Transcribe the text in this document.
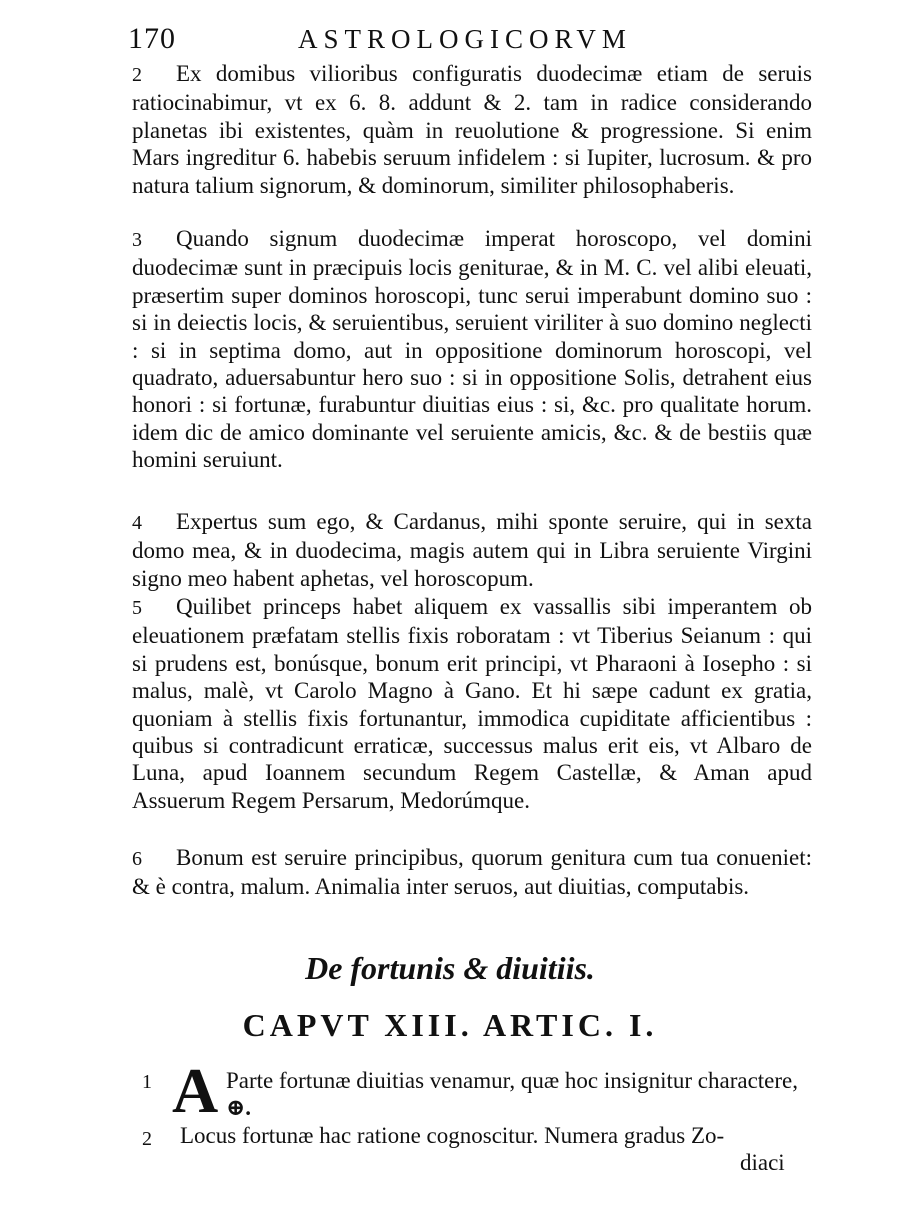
170	ASTROLOGICORVM
2 Ex domibus vilioribus configuratis duodecimæ etiam de seruis ratiocinabimur, vt ex 6. 8. addunt & 2. tam in radice considerando planetas ibi existentes, quàm in reuolutione & progressione. Si enim Mars ingreditur 6. habebis seruum infidelem : si Iupiter, lucrosum. & pro natura talium signorum, & dominorum, similiter philosophaberis.
3 Quando signum duodecimæ imperat horoscopo, vel domini duodecimæ sunt in præcipuis locis geniturae, & in M. C. vel alibi eleuati, præsertim super dominos horoscopi, tunc serui imperabunt domino suo : si in deiectis locis, & seruientibus, seruient viriliter à suo domino neglecti : si in septima domo, aut in oppositione dominorum horoscopi, vel quadrato, aduersabuntur hero suo : si in oppositione Solis, detrahent eius honori : si fortunæ, furabuntur diuitias eius : si, &c. pro qualitate horum. idem dic de amico dominante vel seruiente amicis, &c. & de bestiis quæ homini seruiunt.
4 Expertus sum ego, & Cardanus, mihi sponte seruire, qui in sexta domo mea, & in duodecima, magis autem qui in Libra seruiente Virgini signo meo habent aphetas, vel horoscopum.
5 Quilibet princeps habet aliquem ex vassallis sibi imperantem ob eleuationem præfatam stellis fixis roboratam : vt Tiberius Seianum : qui si prudens est, bonúsque, bonum erit principi, vt Pharaoni à Iosepho : si malus, malè, vt Carolo Magno à Gano. Et hi sæpe cadunt ex gratia, quoniam à stellis fixis fortunantur, immodica cupiditate afficientibus : quibus si contradicunt erraticæ, successus malus erit eis, vt Albaro de Luna, apud Ioannem secundum Regem Castellæ, & Aman apud Assuerum Regem Persarum, Medorúmque.
6 Bonum est seruire principibus, quorum genitura cum tua conueniet: & è contra, malum. Animalia inter seruos, aut diuitias, computabis.
De fortunis & diuitiis.
CAPVT XIII. ARTIC. I.
1 A Parte fortunæ diuitias venamur, quæ hoc insignitur charactere, ⊕.
2 Locus fortunæ hac ratione cognoscitur. Numera gradus Zo-
diaci
